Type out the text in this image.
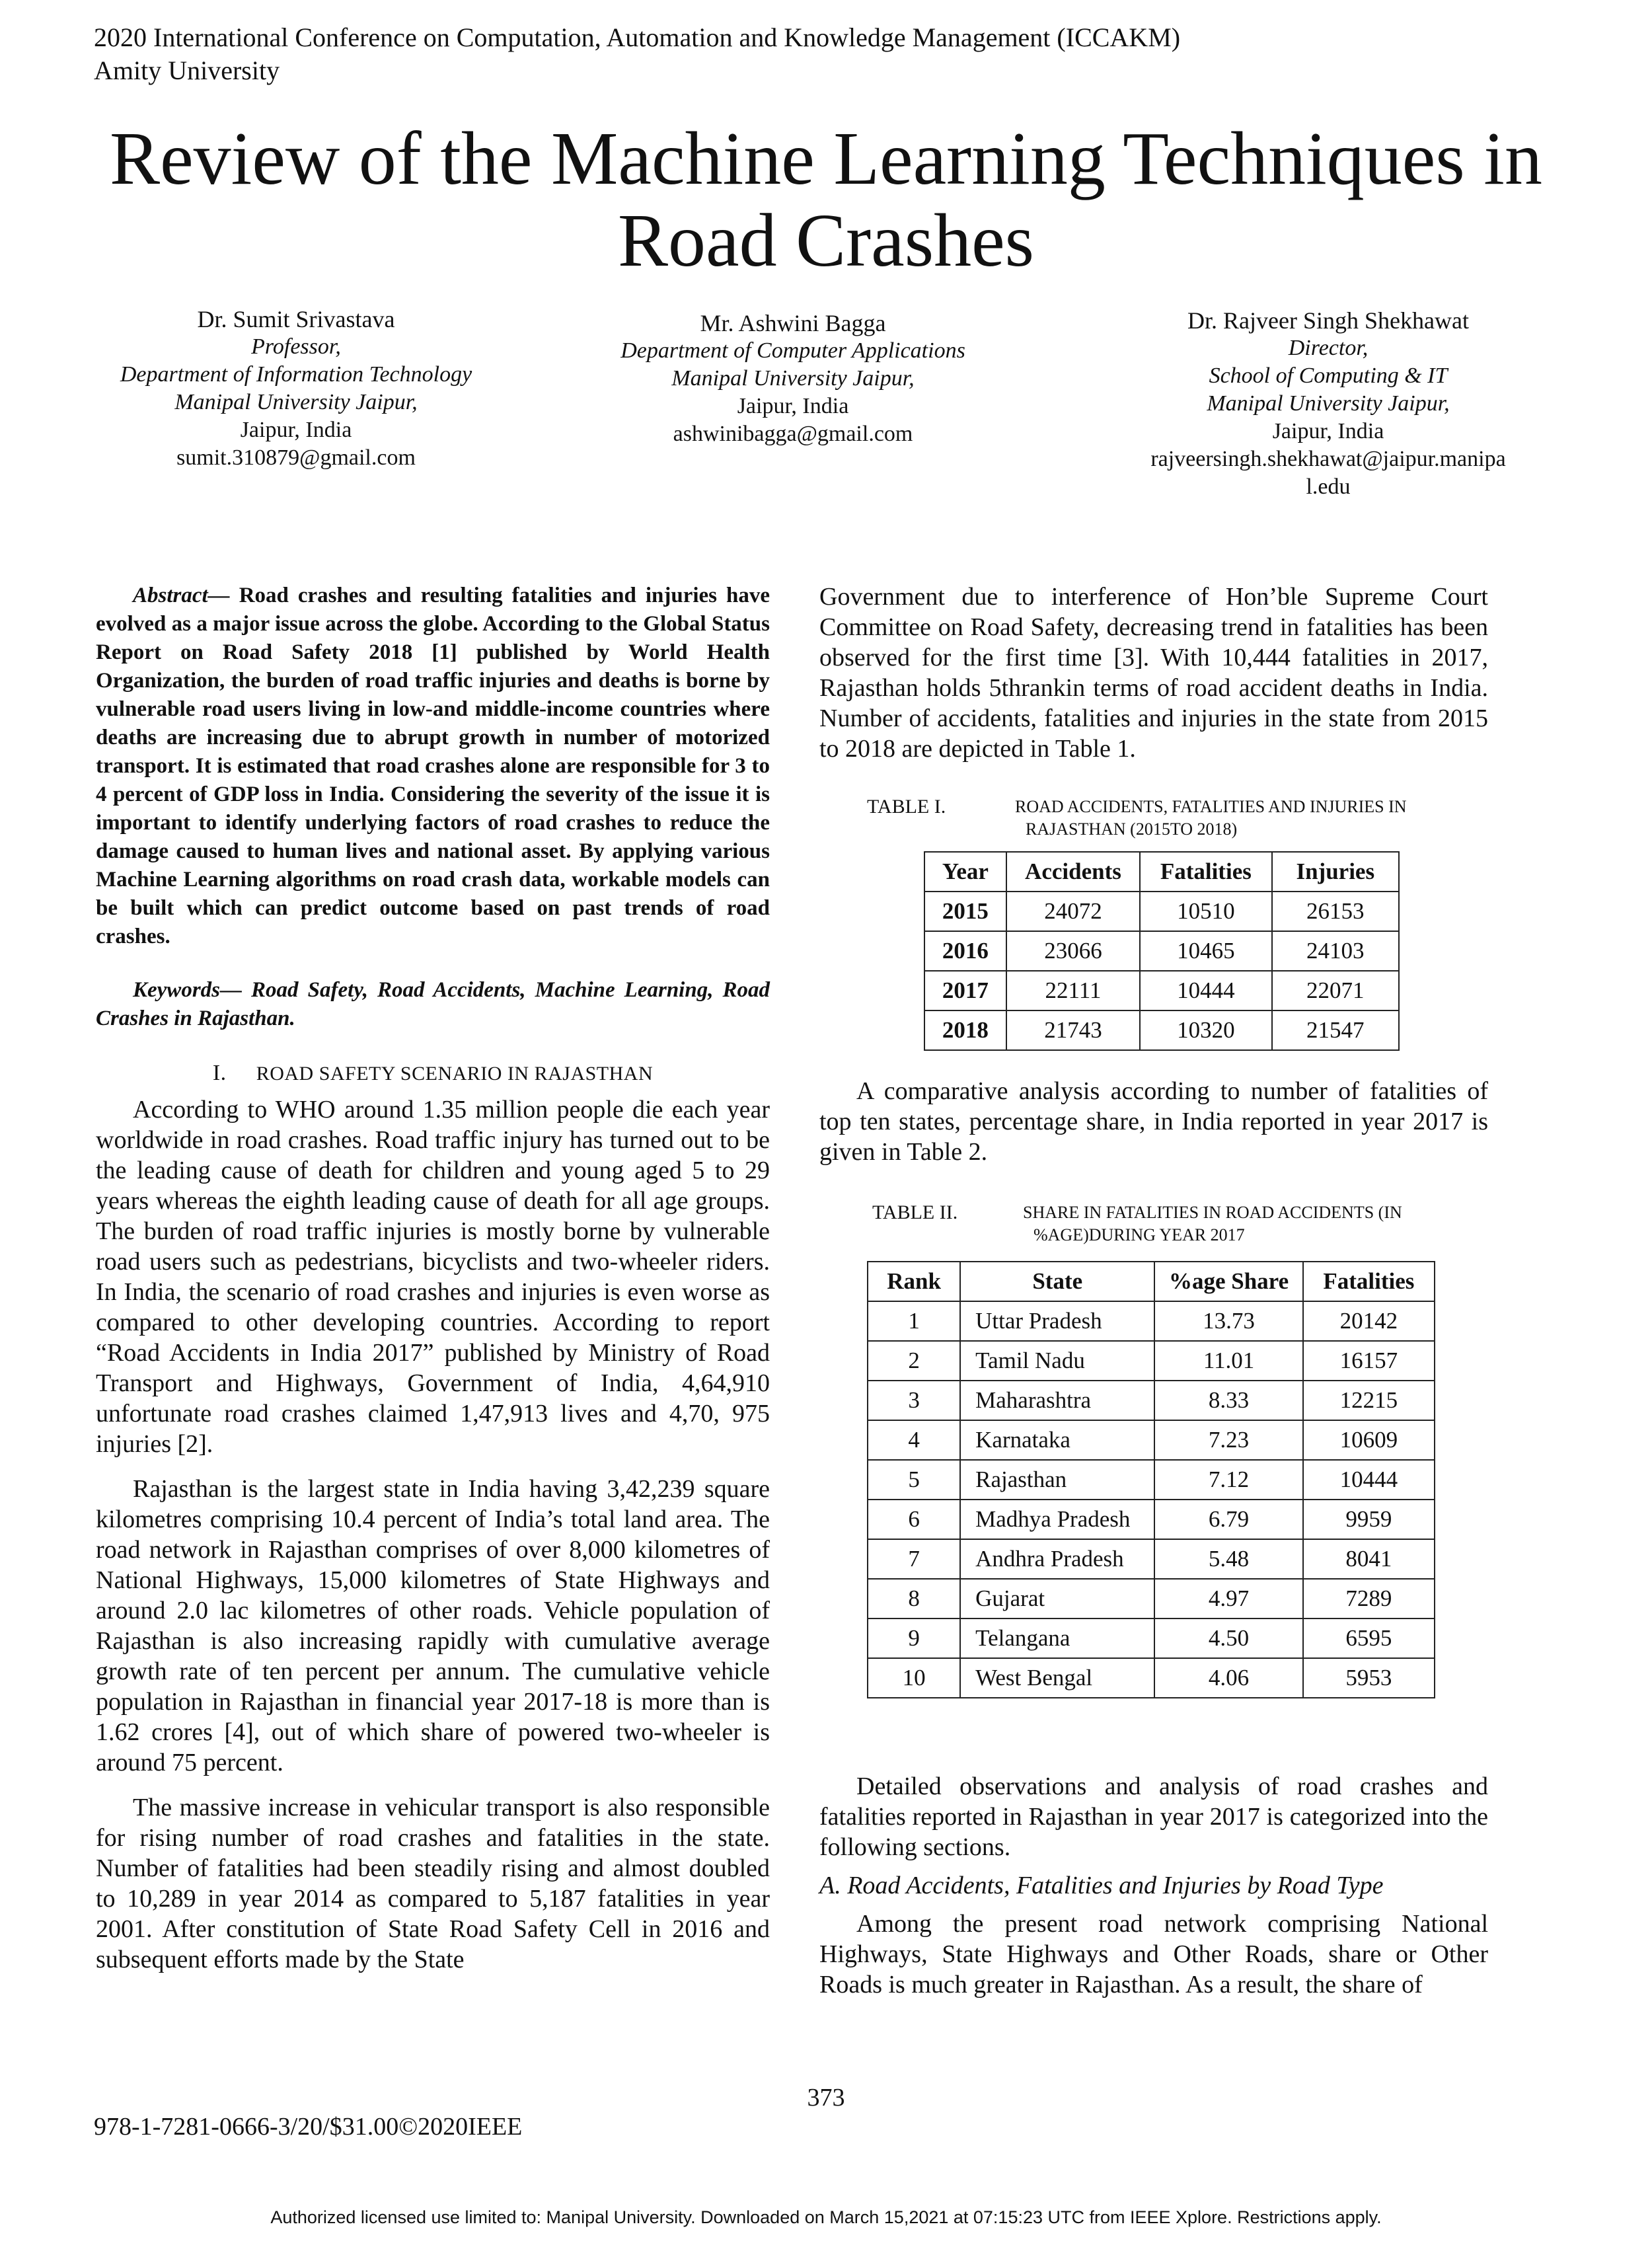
2020 International Conference on Computation, Automation and Knowledge Management (ICCAKM)
Amity University
Review of the Machine Learning Techniques in
Road Crashes
Dr. Sumit Srivastava
Professor,
Department of Information Technology
Manipal University Jaipur,
Jaipur, India
sumit.310879@gmail.com
Mr. Ashwini Bagga
Department of Computer Applications
Manipal University Jaipur,
Jaipur, India
ashwinibagga@gmail.com
Dr. Rajveer Singh Shekhawat
Director,
School of Computing & IT
Manipal University Jaipur,
Jaipur, India
rajveersingh.shekhawat@jaipur.manipa
l.edu

Abstract— Road crashes and resulting fatalities and injuries have evolved as a major issue across the globe. According to the Global Status Report on Road Safety 2018 [1] published by World Health Organization, the burden of road traffic injuries and deaths is borne by vulnerable road users living in low-and middle-income countries where deaths are increasing due to abrupt growth in number of motorized transport. It is estimated that road crashes alone are responsible for 3 to 4 percent of GDP loss in India. Considering the severity of the issue it is important to identify underlying factors of road crashes to reduce the damage caused to human lives and national asset. By applying various Machine Learning algorithms on road crash data, workable models can be built which can predict outcome based on past trends of road crashes.

Keywords— Road Safety, Road Accidents, Machine Learning, Road Crashes in Rajasthan.

I. ROAD SAFETY SCENARIO IN RAJASTHAN

According to WHO around 1.35 million people die each year worldwide in road crashes. Road traffic injury has turned out to be the leading cause of death for children and young aged 5 to 29 years whereas the eighth leading cause of death for all age groups. The burden of road traffic injuries is mostly borne by vulnerable road users such as pedestrians, bicyclists and two-wheeler riders. In India, the scenario of road crashes and injuries is even worse as compared to other developing countries. According to report “Road Accidents in India 2017” published by Ministry of Road Transport and Highways, Government of India, 4,64,910 unfortunate road crashes claimed 1,47,913 lives and 4,70, 975 injuries [2].

Rajasthan is the largest state in India having 3,42,239 square kilometres comprising 10.4 percent of India’s total land area. The road network in Rajasthan comprises of over 8,000 kilometres of National Highways, 15,000 kilometres of State Highways and around 2.0 lac kilometres of other roads. Vehicle population of Rajasthan is also increasing rapidly with cumulative average growth rate of ten percent per annum. The cumulative vehicle population in Rajasthan in financial year 2017-18 is more than is 1.62 crores [4], out of which share of powered two-wheeler is around 75 percent.

The massive increase in vehicular transport is also responsible for rising number of road crashes and fatalities in the state. Number of fatalities had been steadily rising and almost doubled to 10,289 in year 2014 as compared to 5,187 fatalities in year 2001. After constitution of State Road Safety Cell in 2016 and subsequent efforts made by the State

Government due to interference of Hon’ble Supreme Court Committee on Road Safety, decreasing trend in fatalities has been observed for the first time [3]. With 10,444 fatalities in 2017, Rajasthan holds 5thrankin terms of road accident deaths in India. Number of accidents, fatalities and injuries in the state from 2015 to 2018 are depicted in Table 1.

TABLE I.	ROAD ACCIDENTS, FATALITIES AND INJURIES IN
RAJASTHAN (2015TO 2018)
Year	Accidents	Fatalities	Injuries
2015	24072	10510	26153
2016	23066	10465	24103
2017	22111	10444	22071
2018	21743	10320	21547

A comparative analysis according to number of fatalities of top ten states, percentage share, in India reported in year 2017 is given in Table 2.

TABLE II.	SHARE IN FATALITIES IN ROAD ACCIDENTS (IN
%AGE)DURING YEAR 2017
Rank	State	%age Share	Fatalities
1	Uttar Pradesh	13.73	20142
2	Tamil Nadu	11.01	16157
3	Maharashtra	8.33	12215
4	Karnataka	7.23	10609
5	Rajasthan	7.12	10444
6	Madhya Pradesh	6.79	9959
7	Andhra Pradesh	5.48	8041
8	Gujarat	4.97	7289
9	Telangana	4.50	6595
10	West Bengal	4.06	5953

Detailed observations and analysis of road crashes and fatalities reported in Rajasthan in year 2017 is categorized into the following sections.

A. Road Accidents, Fatalities and Injuries by Road Type

Among the present road network comprising National Highways, State Highways and Other Roads, share or Other Roads is much greater in Rajasthan. As a result, the share of

373
978-1-7281-0666-3/20/$31.00©2020IEEE
Authorized licensed use limited to: Manipal University. Downloaded on March 15,2021 at 07:15:23 UTC from IEEE Xplore. Restrictions apply.
